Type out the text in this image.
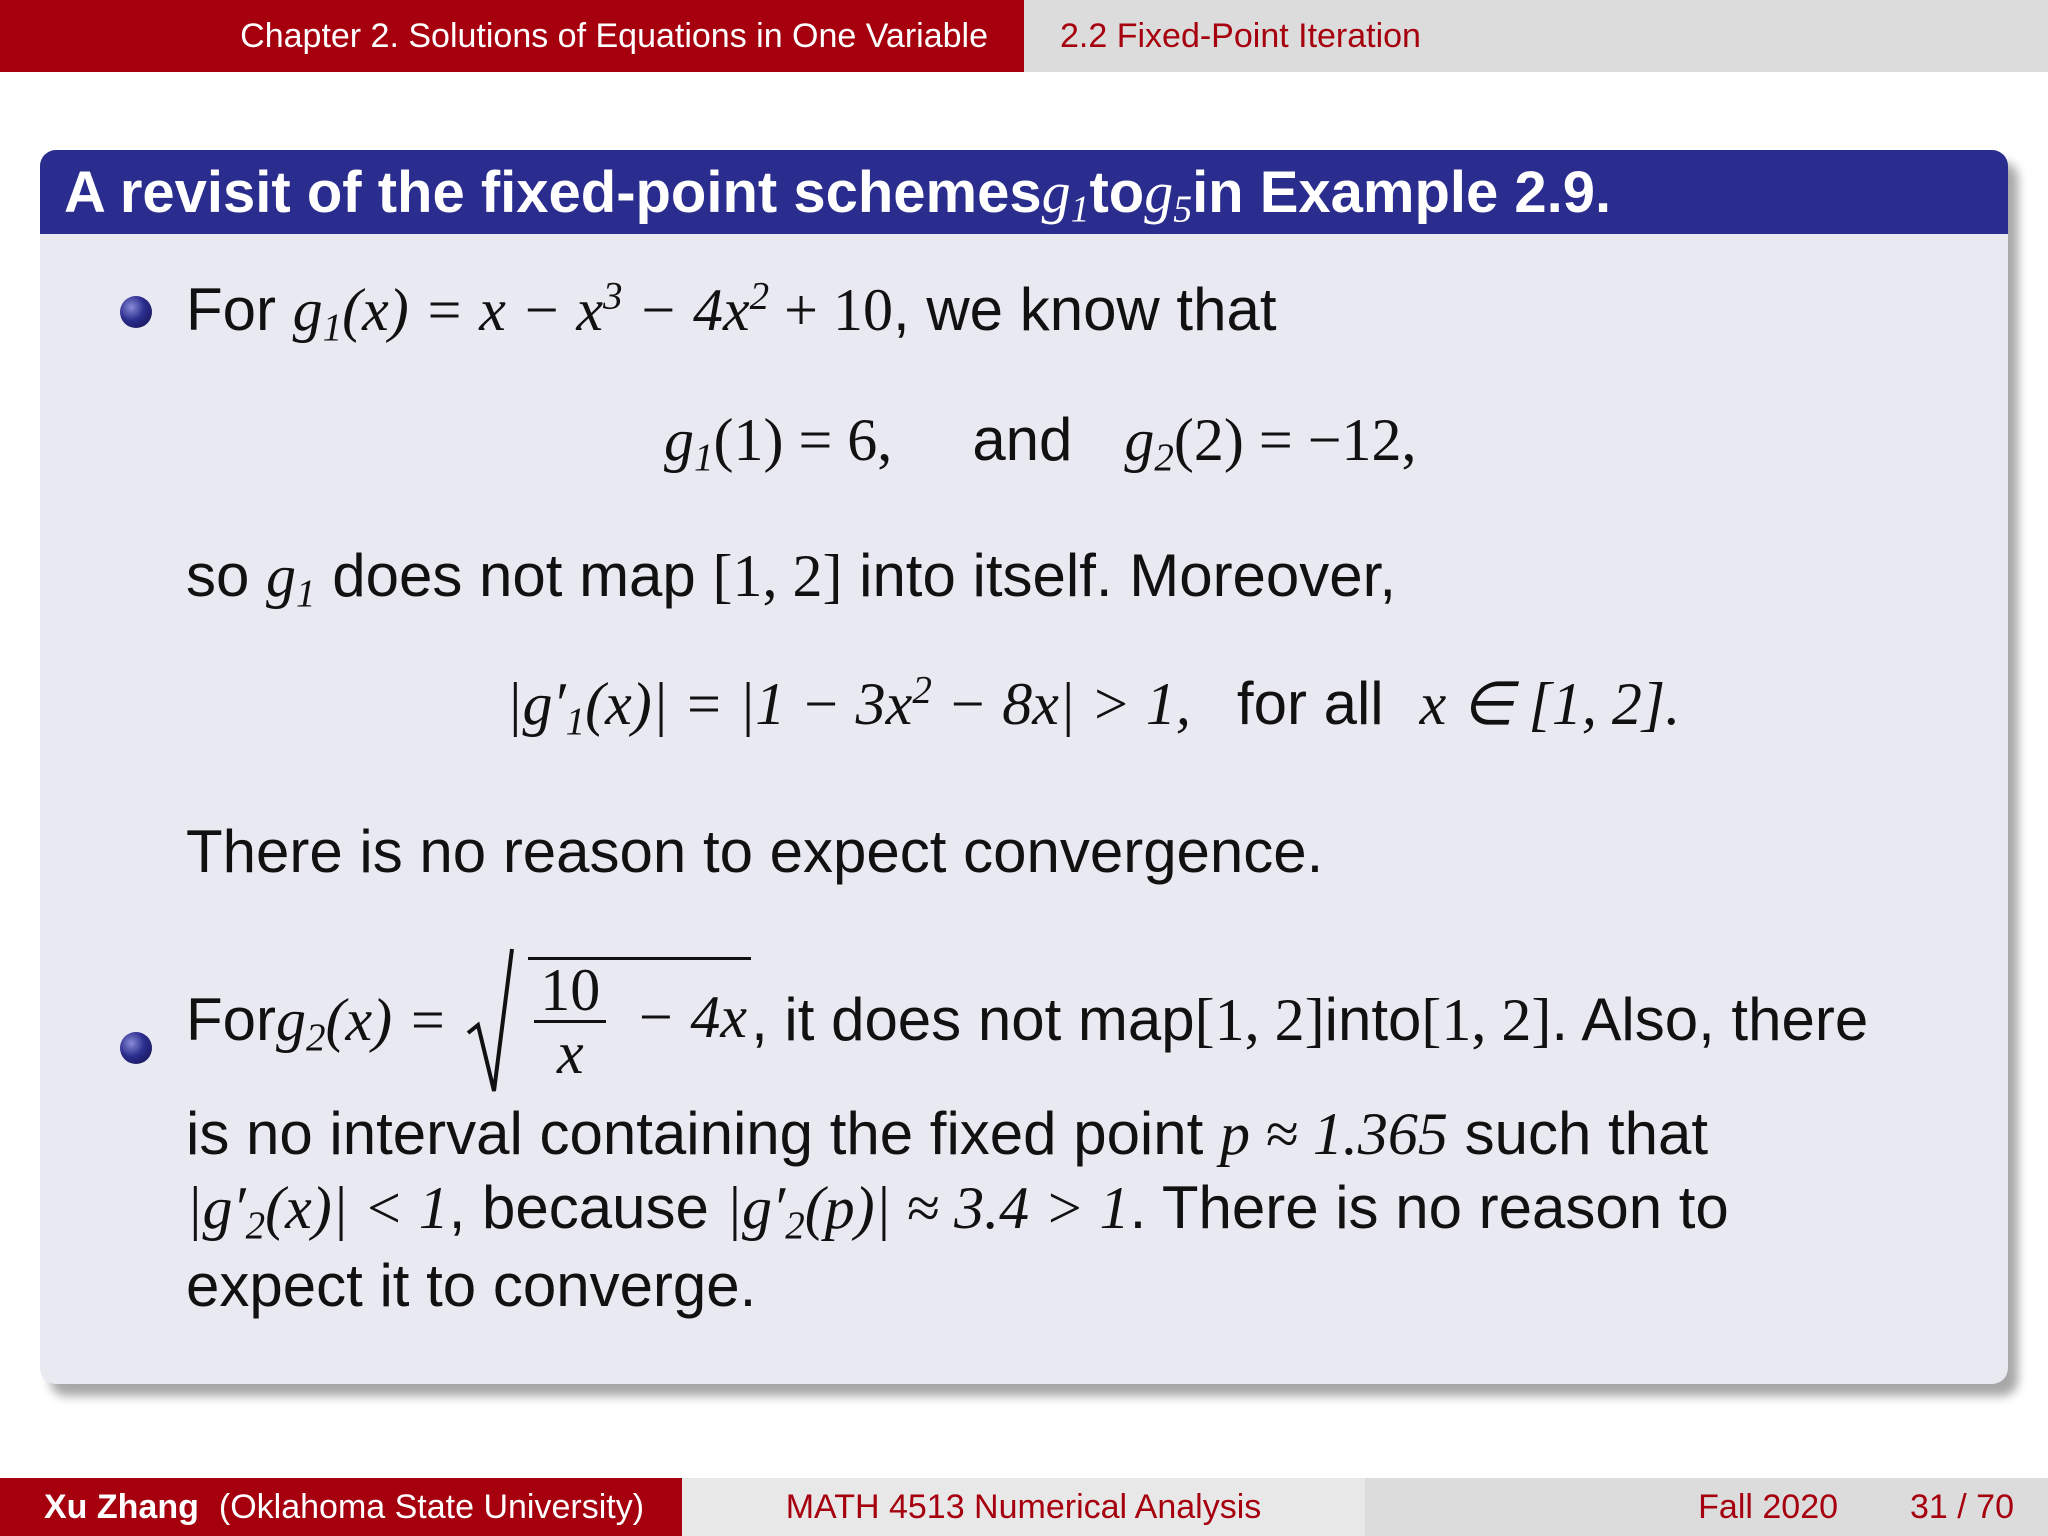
Chapter 2. Solutions of Equations in One Variable	2.2 Fixed-Point Iteration
A revisit of the fixed-point schemes $g_1$ to $g_5$ in Example 2.9.
For $g_1(x) = x - x^3 - 4x^2 + 10$, we know that
$g_1(1) = 6$, and $g_2(2) = -12$,
so $g_1$ does not map [1, 2] into itself. Moreover,
$|g'_1(x)| = |1 - 3x^2 - 8x| > 1$, for all x ∈ [1, 2].
There is no reason to expect convergence.
For $g_2$ (x) =
$\frac{10}{x} - 4x$ , it does not map [1, 2] into [1, 2] . Also, there
is no interval containing the fixed point p ≈ 1.365 such that
$|g'_2(x)| < 1$, because $|g'_2(p)| \approx 3.4 > 1$. There is no reason to
expect it to converge.
Xu Zhang (Oklahoma State University)	MATH 4513 Numerical Analysis	Fall 2020 31 / 70
